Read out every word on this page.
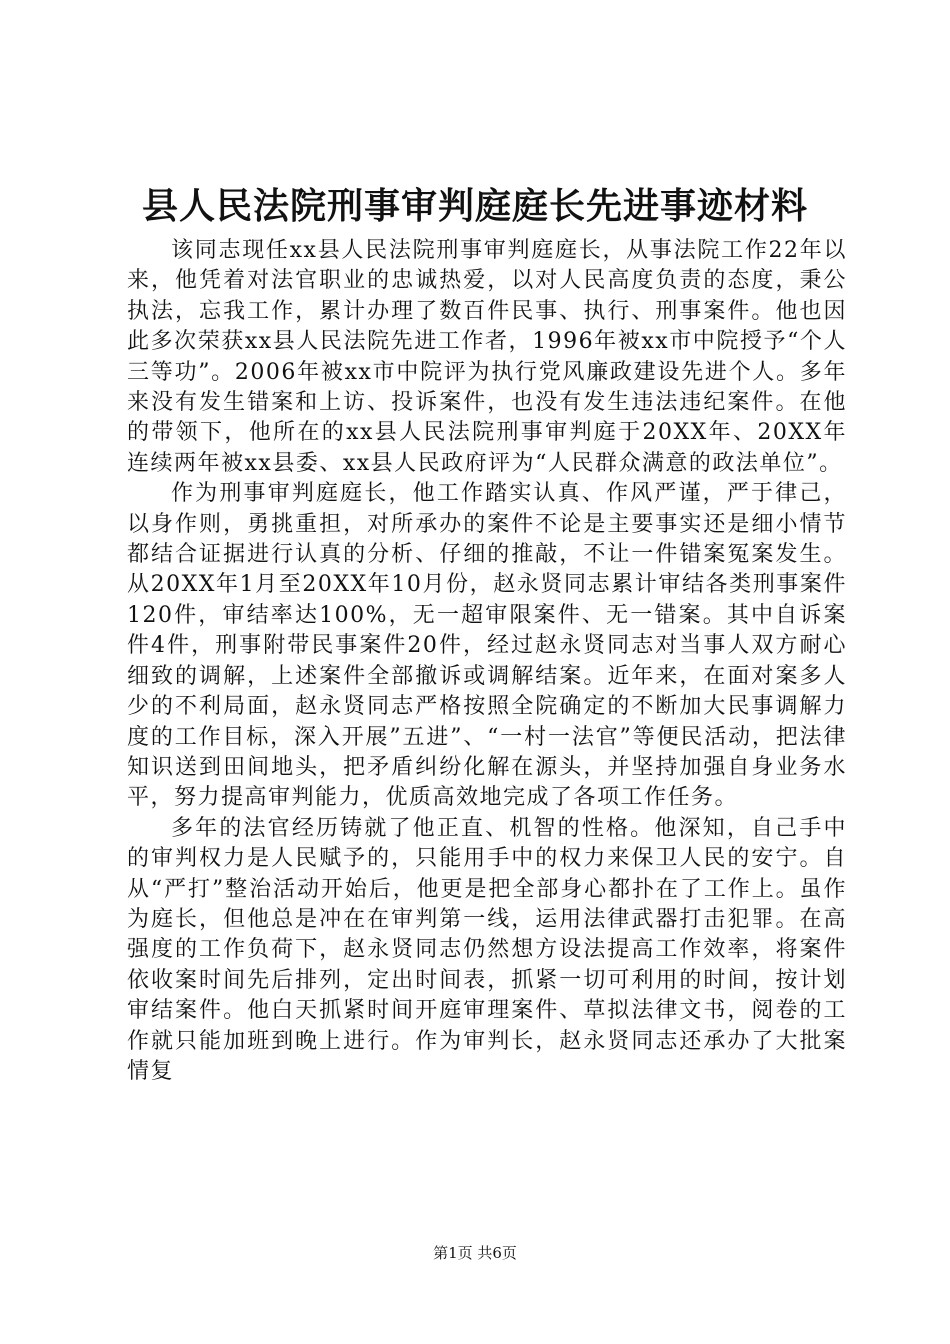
县人民法院刑事审判庭庭长先进事迹材料

该同志现任xx县人民法院刑事审判庭庭长，从事法院工作22年以来，他凭着对法官职业的忠诚热爱，以对人民高度负责的态度，秉公执法，忘我工作，累计办理了数百件民事、执行、刑事案件。他也因此多次荣获xx县人民法院先进工作者，1996年被xx市中院授予“个人三等功”。2006年被xx市中院评为执行党风廉政建设先进个人。多年来没有发生错案和上访、投诉案件，也没有发生违法违纪案件。在他的带领下，他所在的xx县人民法院刑事审判庭于20XX年、20XX年连续两年被xx县委、xx县人民政府评为“人民群众满意的政法单位”。

作为刑事审判庭庭长，他工作踏实认真、作风严谨，严于律己，以身作则，勇挑重担，对所承办的案件不论是主要事实还是细小情节都结合证据进行认真的分析、仔细的推敲，不让一件错案冤案发生。从20XX年1月至20XX年10月份，赵永贤同志累计审结各类刑事案件120件，审结率达100%，无一超审限案件、无一错案。其中自诉案件4件，刑事附带民事案件20件，经过赵永贤同志对当事人双方耐心细致的调解，上述案件全部撤诉或调解结案。近年来，在面对案多人少的不利局面，赵永贤同志严格按照全院确定的不断加大民事调解力度的工作目标，深入开展”五进”、“一村一法官”等便民活动，把法律知识送到田间地头，把矛盾纠纷化解在源头，并坚持加强自身业务水平，努力提高审判能力，优质高效地完成了各项工作任务。

多年的法官经历铸就了他正直、机智的性格。他深知，自己手中的审判权力是人民赋予的，只能用手中的权力来保卫人民的安宁。自从“严打”整治活动开始后，他更是把全部身心都扑在了工作上。虽作为庭长，但他总是冲在在审判第一线，运用法律武器打击犯罪。在高强度的工作负荷下，赵永贤同志仍然想方设法提高工作效率，将案件依收案时间先后排列，定出时间表，抓紧一切可利用的时间，按计划审结案件。他白天抓紧时间开庭审理案件、草拟法律文书，阅卷的工作就只能加班到晚上进行。作为审判长，赵永贤同志还承办了大批案情复

第1页 共6页
